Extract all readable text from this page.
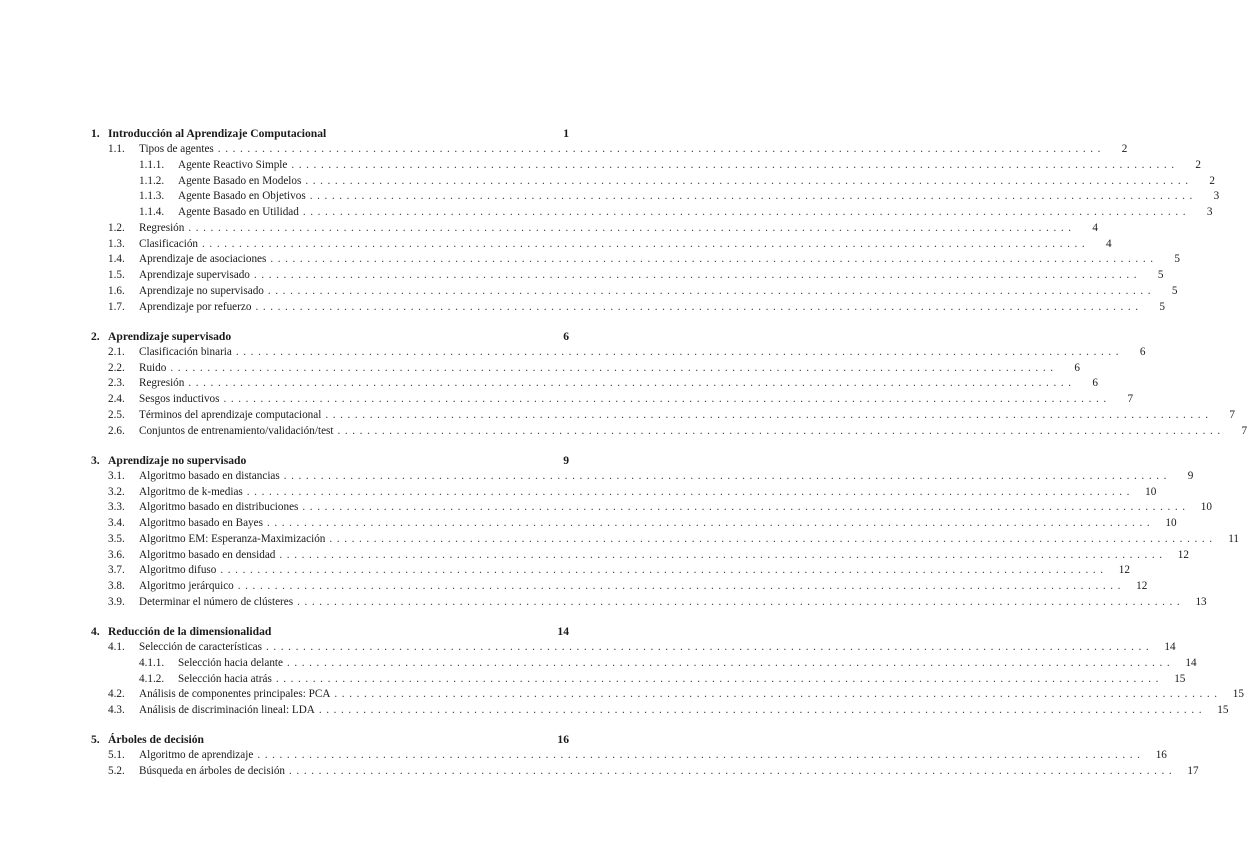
1. Introducción al Aprendizaje Computacional	1
1.1.	Tipos de agentes . . . . . . . . . . . . . . . . . . . . . . . . . . . . . . . . . . . . . . . . . . . . . . . . . . . . . . . . . . . . . . . . . . . . . . . . . . . . . . . . . . . . . . . . . . . . . . . . . . . . . . . . . . . . . . . . . . . . . . . .	2
1.1.1.	Agente Reactivo Simple . . . . . . . . . . . . . . . . . . . . . . . . . . . . . . . . . . . . . . . . . . . . . . . . . . . . . . . . . . . . . . . . . . . . . . . . . . . . . . . . . . . . . . . . . . . . . . . . . . . . . . . . . . . . . . . . . . . . . . . .	2
1.1.2.	Agente Basado en Modelos . . . . . . . . . . . . . . . . . . . . . . . . . . . . . . . . . . . . . . . . . . . . . . . . . . . . . . . . . . . . . . . . . . . . . . . . . . . . . . . . . . . . . . . . . . . . . . . . . . . . . . . . . . . . . . . . . . . . . . . .	2
1.1.3.	Agente Basado en Objetivos . . . . . . . . . . . . . . . . . . . . . . . . . . . . . . . . . . . . . . . . . . . . . . . . . . . . . . . . . . . . . . . . . . . . . . . . . . . . . . . . . . . . . . . . . . . . . . . . . . . . . . . . . . . . . . . . . . . . . . . .	3
1.1.4.	Agente Basado en Utilidad . . . . . . . . . . . . . . . . . . . . . . . . . . . . . . . . . . . . . . . . . . . . . . . . . . . . . . . . . . . . . . . . . . . . . . . . . . . . . . . . . . . . . . . . . . . . . . . . . . . . . . . . . . . . . . . . . . . . . . . .	3
1.2.	Regresión . . . . . . . . . . . . . . . . . . . . . . . . . . . . . . . . . . . . . . . . . . . . . . . . . . . . . . . . . . . . . . . . . . . . . . . . . . . . . . . . . . . . . . . . . . . . . . . . . . . . . . . . . . . . . . . . . . . . . . . .	4
1.3.	Clasificación . . . . . . . . . . . . . . . . . . . . . . . . . . . . . . . . . . . . . . . . . . . . . . . . . . . . . . . . . . . . . . . . . . . . . . . . . . . . . . . . . . . . . . . . . . . . . . . . . . . . . . . . . . . . . . . . . . . . . . . .	4
1.4.	Aprendizaje de asociaciones . . . . . . . . . . . . . . . . . . . . . . . . . . . . . . . . . . . . . . . . . . . . . . . . . . . . . . . . . . . . . . . . . . . . . . . . . . . . . . . . . . . . . . . . . . . . . . . . . . . . . . . . . . . . . . . . . . . . . . . .	5
1.5.	Aprendizaje supervisado . . . . . . . . . . . . . . . . . . . . . . . . . . . . . . . . . . . . . . . . . . . . . . . . . . . . . . . . . . . . . . . . . . . . . . . . . . . . . . . . . . . . . . . . . . . . . . . . . . . . . . . . . . . . . . . . . . . . . . . .	5
1.6.	Aprendizaje no supervisado . . . . . . . . . . . . . . . . . . . . . . . . . . . . . . . . . . . . . . . . . . . . . . . . . . . . . . . . . . . . . . . . . . . . . . . . . . . . . . . . . . . . . . . . . . . . . . . . . . . . . . . . . . . . . . . . . . . . . . . .	5
1.7.	Aprendizaje por refuerzo . . . . . . . . . . . . . . . . . . . . . . . . . . . . . . . . . . . . . . . . . . . . . . . . . . . . . . . . . . . . . . . . . . . . . . . . . . . . . . . . . . . . . . . . . . . . . . . . . . . . . . . . . . . . . . . . . . . . . . . .	5
2. Aprendizaje supervisado	6
2.1.	Clasificación binaria . . . . . . . . . . . . . . . . . . . . . . . . . . . . . . . . . . . . . . . . . . . . . . . . . . . . . . . . . . . . . . . . . . . . . . . . . . . . . . . . . . . . . . . . . . . . . . . . . . . . . . . . . . . . . . . . . . . . . . . .	6
2.2.	Ruido . . . . . . . . . . . . . . . . . . . . . . . . . . . . . . . . . . . . . . . . . . . . . . . . . . . . . . . . . . . . . . . . . . . . . . . . . . . . . . . . . . . . . . . . . . . . . . . . . . . . . . . . . . . . . . . . . . . . . . . .	6
2.3.	Regresión . . . . . . . . . . . . . . . . . . . . . . . . . . . . . . . . . . . . . . . . . . . . . . . . . . . . . . . . . . . . . . . . . . . . . . . . . . . . . . . . . . . . . . . . . . . . . . . . . . . . . . . . . . . . . . . . . . . . . . . .	6
2.4.	Sesgos inductivos . . . . . . . . . . . . . . . . . . . . . . . . . . . . . . . . . . . . . . . . . . . . . . . . . . . . . . . . . . . . . . . . . . . . . . . . . . . . . . . . . . . . . . . . . . . . . . . . . . . . . . . . . . . . . . . . . . . . . . . .	7
2.5.	Términos del aprendizaje computacional . . . . . . . . . . . . . . . . . . . . . . . . . . . . . . . . . . . . . . . . . . . . . . . . . . . . . . . . . . . . . . . . . . . . . . . . . . . . . . . . . . . . . . . . . . . . . . . . . . . . . . . . . . . . . . . . . . . . . . . .	7
2.6.	Conjuntos de entrenamiento/validación/test . . . . . . . . . . . . . . . . . . . . . . . . . . . . . . . . . . . . . . . . . . . . . . . . . . . . . . . . . . . . . . . . . . . . . . . . . . . . . . . . . . . . . . . . . . . . . . . . . . . . . . . . . . . . . . . . . . . . . . . .	7
3. Aprendizaje no supervisado	9
3.1.	Algoritmo basado en distancias . . . . . . . . . . . . . . . . . . . . . . . . . . . . . . . . . . . . . . . . . . . . . . . . . . . . . . . . . . . . . . . . . . . . . . . . . . . . . . . . . . . . . . . . . . . . . . . . . . . . . . . . . . . . . . . . . . . . . . . .	9
3.2.	Algoritmo de k-medias . . . . . . . . . . . . . . . . . . . . . . . . . . . . . . . . . . . . . . . . . . . . . . . . . . . . . . . . . . . . . . . . . . . . . . . . . . . . . . . . . . . . . . . . . . . . . . . . . . . . . . . . . . . . . . . . . . . . . . . .	10
3.3.	Algoritmo basado en distribuciones . . . . . . . . . . . . . . . . . . . . . . . . . . . . . . . . . . . . . . . . . . . . . . . . . . . . . . . . . . . . . . . . . . . . . . . . . . . . . . . . . . . . . . . . . . . . . . . . . . . . . . . . . . . . . . . . . . . . . . . .	10
3.4.	Algoritmo basado en Bayes . . . . . . . . . . . . . . . . . . . . . . . . . . . . . . . . . . . . . . . . . . . . . . . . . . . . . . . . . . . . . . . . . . . . . . . . . . . . . . . . . . . . . . . . . . . . . . . . . . . . . . . . . . . . . . . . . . . . . . . .	10
3.5.	Algoritmo EM: Esperanza-Maximización . . . . . . . . . . . . . . . . . . . . . . . . . . . . . . . . . . . . . . . . . . . . . . . . . . . . . . . . . . . . . . . . . . . . . . . . . . . . . . . . . . . . . . . . . . . . . . . . . . . . . . . . . . . . . . . . . . . . . . . .	11
3.6.	Algoritmo basado en densidad . . . . . . . . . . . . . . . . . . . . . . . . . . . . . . . . . . . . . . . . . . . . . . . . . . . . . . . . . . . . . . . . . . . . . . . . . . . . . . . . . . . . . . . . . . . . . . . . . . . . . . . . . . . . . . . . . . . . . . . .	12
3.7.	Algoritmo difuso . . . . . . . . . . . . . . . . . . . . . . . . . . . . . . . . . . . . . . . . . . . . . . . . . . . . . . . . . . . . . . . . . . . . . . . . . . . . . . . . . . . . . . . . . . . . . . . . . . . . . . . . . . . . . . . . . . . . . . . .	12
3.8.	Algoritmo jerárquico . . . . . . . . . . . . . . . . . . . . . . . . . . . . . . . . . . . . . . . . . . . . . . . . . . . . . . . . . . . . . . . . . . . . . . . . . . . . . . . . . . . . . . . . . . . . . . . . . . . . . . . . . . . . . . . . . . . . . . . .	12
3.9.	Determinar el número de clústeres . . . . . . . . . . . . . . . . . . . . . . . . . . . . . . . . . . . . . . . . . . . . . . . . . . . . . . . . . . . . . . . . . . . . . . . . . . . . . . . . . . . . . . . . . . . . . . . . . . . . . . . . . . . . . . . . . . . . . . . .	13
4. Reducción de la dimensionalidad	14
4.1.	Selección de características . . . . . . . . . . . . . . . . . . . . . . . . . . . . . . . . . . . . . . . . . . . . . . . . . . . . . . . . . . . . . . . . . . . . . . . . . . . . . . . . . . . . . . . . . . . . . . . . . . . . . . . . . . . . . . . . . . . . . . . .	14
4.1.1.	Selección hacia delante . . . . . . . . . . . . . . . . . . . . . . . . . . . . . . . . . . . . . . . . . . . . . . . . . . . . . . . . . . . . . . . . . . . . . . . . . . . . . . . . . . . . . . . . . . . . . . . . . . . . . . . . . . . . . . . . . . . . . . . .	14
4.1.2.	Selección hacia atrás . . . . . . . . . . . . . . . . . . . . . . . . . . . . . . . . . . . . . . . . . . . . . . . . . . . . . . . . . . . . . . . . . . . . . . . . . . . . . . . . . . . . . . . . . . . . . . . . . . . . . . . . . . . . . . . . . . . . . . . .	15
4.2.	Análisis de componentes principales: PCA . . . . . . . . . . . . . . . . . . . . . . . . . . . . . . . . . . . . . . . . . . . . . . . . . . . . . . . . . . . . . . . . . . . . . . . . . . . . . . . . . . . . . . . . . . . . . . . . . . . . . . . . . . . . . . . . . . . . . . . .	15
4.3.	Análisis de discriminación lineal: LDA . . . . . . . . . . . . . . . . . . . . . . . . . . . . . . . . . . . . . . . . . . . . . . . . . . . . . . . . . . . . . . . . . . . . . . . . . . . . . . . . . . . . . . . . . . . . . . . . . . . . . . . . . . . . . . . . . . . . . . . .	15
5. Árboles de decisión	16
5.1.	Algoritmo de aprendizaje . . . . . . . . . . . . . . . . . . . . . . . . . . . . . . . . . . . . . . . . . . . . . . . . . . . . . . . . . . . . . . . . . . . . . . . . . . . . . . . . . . . . . . . . . . . . . . . . . . . . . . . . . . . . . . . . . . . . . . . .	16
5.2.	Búsqueda en árboles de decisión . . . . . . . . . . . . . . . . . . . . . . . . . . . . . . . . . . . . . . . . . . . . . . . . . . . . . . . . . . . . . . . . . . . . . . . . . . . . . . . . . . . . . . . . . . . . . . . . . . . . . . . . . . . . . . . . . . . . . . . .	17
